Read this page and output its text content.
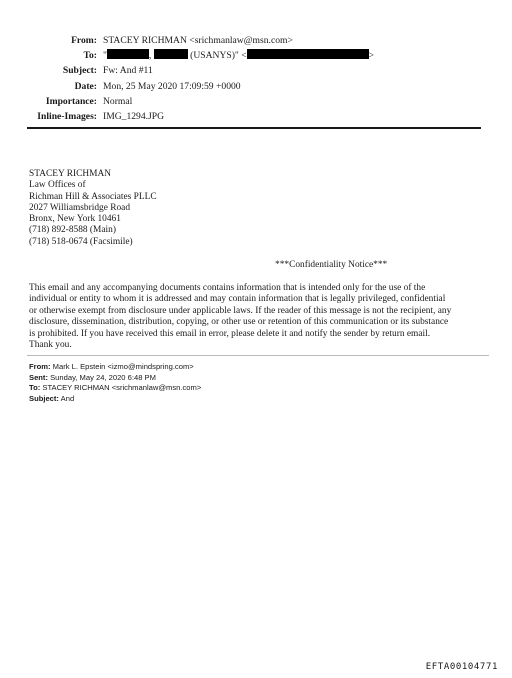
From: STACEY RICHMAN <srichmanlaw@msn.com>
To: "	,	(USANYS)" <	>
Subject: Fw: And #11
Date: Mon, 25 May 2020 17:09:59 +0000
Importance: Normal
Inline-Images: IMG_1294.JPG
STACEY RICHMAN
Law Offices of
Richman Hill & Associates PLLC
2027 Williamsbridge Road
Bronx, New York 10461
(718) 892-8588 (Main)
(718) 518-0674 (Facsimile)
***Confidentiality Notice***
This email and any accompanying documents contains information that is intended only for the use of the
individual or entity to whom it is addressed and may contain information that is legally privileged, confidential
or otherwise exempt from disclosure under applicable laws. If the reader of this message is not the recipient, any
disclosure, dissemination, distribution, copying, or other use or retention of this communication or its substance
is prohibited. If you have received this email in error, please delete it and notify the sender by return email.
Thank you.
From: Mark L. Epstein <izmo@mindspring.com>
Sent: Sunday, May 24, 2020 6:48 PM
To: STACEY RICHMAN <srichmanlaw@msn.com>
Subject: And
EFTA00104771
